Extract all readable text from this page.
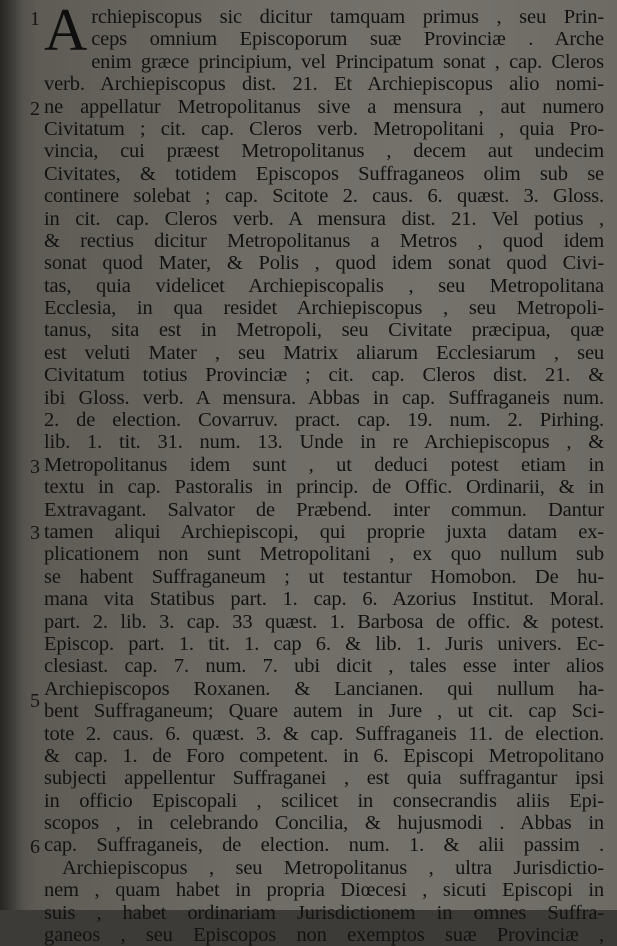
1
2
3
3
5
6
A rchiepiscopus sic dicitur tamquam primus , seu Prin-
ceps omnium Episcoporum suæ Provinciæ . Arche
enim græce principium, vel Principatum sonat , cap. Cleros
verb. Archiepiscopus dist. 21. Et Archiepiscopus alio nomi-
ne appellatur Metropolitanus sive a mensura , aut numero
Civitatum ; cit. cap. Cleros verb. Metropolitani , quia Pro-
vincia, cui præest Metropolitanus , decem aut undecim
Civitates, & totidem Episcopos Suffraganeos olim sub se
continere solebat ; cap. Scitote 2. caus. 6. quæst. 3. Gloss.
in cit. cap. Cleros verb. A mensura dist. 21. Vel potius ,
& rectius dicitur Metropolitanus a Metros , quod idem
sonat quod Mater, & Polis , quod idem sonat quod Civi-
tas, quia videlicet Archiepiscopalis , seu Metropolitana
Ecclesia, in qua residet Archiepiscopus , seu Metropoli-
tanus, sita est in Metropoli, seu Civitate præcipua, quæ
est veluti Mater , seu Matrix aliarum Ecclesiarum , seu
Civitatum totius Provinciæ ; cit. cap. Cleros dist. 21. &
ibi Gloss. verb. A mensura. Abbas in cap. Suffraganeis num.
2. de election. Covarruv. pract. cap. 19. num. 2. Pirhing.
lib. 1. tit. 31. num. 13. Unde in re Archiepiscopus , &
Metropolitanus idem sunt , ut deduci potest etiam in
textu in cap. Pastoralis in princip. de Offic. Ordinarii, & in
Extravagant. Salvator de Præbend. inter commun. Dantur
tamen aliqui Archiepiscopi, qui proprie juxta datam ex-
plicationem non sunt Metropolitani , ex quo nullum sub
se habent Suffraganeum ; ut testantur Homobon. De hu-
mana vita Statibus part. 1. cap. 6. Azorius Institut. Moral.
part. 2. lib. 3. cap. 33 quæst. 1. Barbosa de offic. & potest.
Episcop. part. 1. tit. 1. cap 6. & lib. 1. Juris univers. Ec-
clesiast. cap. 7. num. 7. ubi dicit , tales esse inter alios
Archiepiscopos Roxanen. & Lancianen. qui nullum ha-
bent Suffraganeum; Quare autem in Jure , ut cit. cap Sci-
tote 2. caus. 6. quæst. 3. & cap. Suffraganeis 11. de election.
& cap. 1. de Foro competent. in 6. Episcopi Metropolitano
subjecti appellentur Suffraganei , est quia suffragantur ipsi
in officio Episcopali , scilicet in consecrandis aliis Epi-
scopos , in celebrando Concilia, & hujusmodi . Abbas in
cap. Suffraganeis, de election. num. 1. & alii passim .
Archiepiscopus , seu Metropolitanus , ultra Jurisdictio-
nem , quam habet in propria Diœcesi , sicuti Episcopi in
suis , habet ordinariam Jurisdictionem in omnes Suffra-
ganeos , seu Episcopos non exemptos suæ Provinciæ ,
